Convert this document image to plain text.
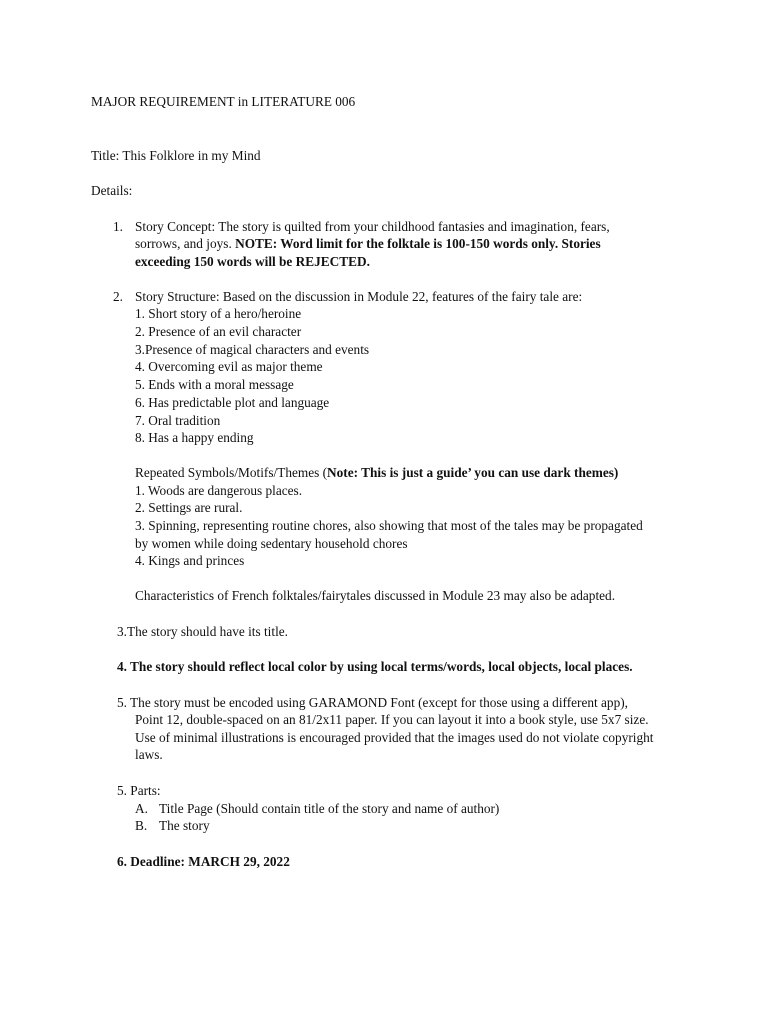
MAJOR REQUIREMENT in LITERATURE 006
Title: This Folklore in my Mind
Details:
1. Story Concept: The story is quilted from your childhood fantasies and imagination, fears,
sorrows, and joys. NOTE: Word limit for the folktale is 100-150 words only. Stories
exceeding 150 words will be REJECTED.
2. Story Structure: Based on the discussion in Module 22, features of the fairy tale are:
1. Short story of a hero/heroine
2. Presence of an evil character
3.Presence of magical characters and events
4. Overcoming evil as major theme
5. Ends with a moral message
6. Has predictable plot and language
7. Oral tradition
8. Has a happy ending
Repeated Symbols/Motifs/Themes (Note: This is just a guide’ you can use dark themes)
1. Woods are dangerous places.
2. Settings are rural.
3. Spinning, representing routine chores, also showing that most of the tales may be propagated
by women while doing sedentary household chores
4. Kings and princes
Characteristics of French folktales/fairytales discussed in Module 23 may also be adapted.
3.The story should have its title.
4. The story should reflect local color by using local terms/words, local objects, local places.
5. The story must be encoded using GARAMOND Font (except for those using a different app),
Point 12, double-spaced on an 81/2x11 paper. If you can layout it into a book style, use 5x7 size.
Use of minimal illustrations is encouraged provided that the images used do not violate copyright
laws.
5. Parts:
A. Title Page (Should contain title of the story and name of author)
B. The story
6. Deadline: MARCH 29, 2022
